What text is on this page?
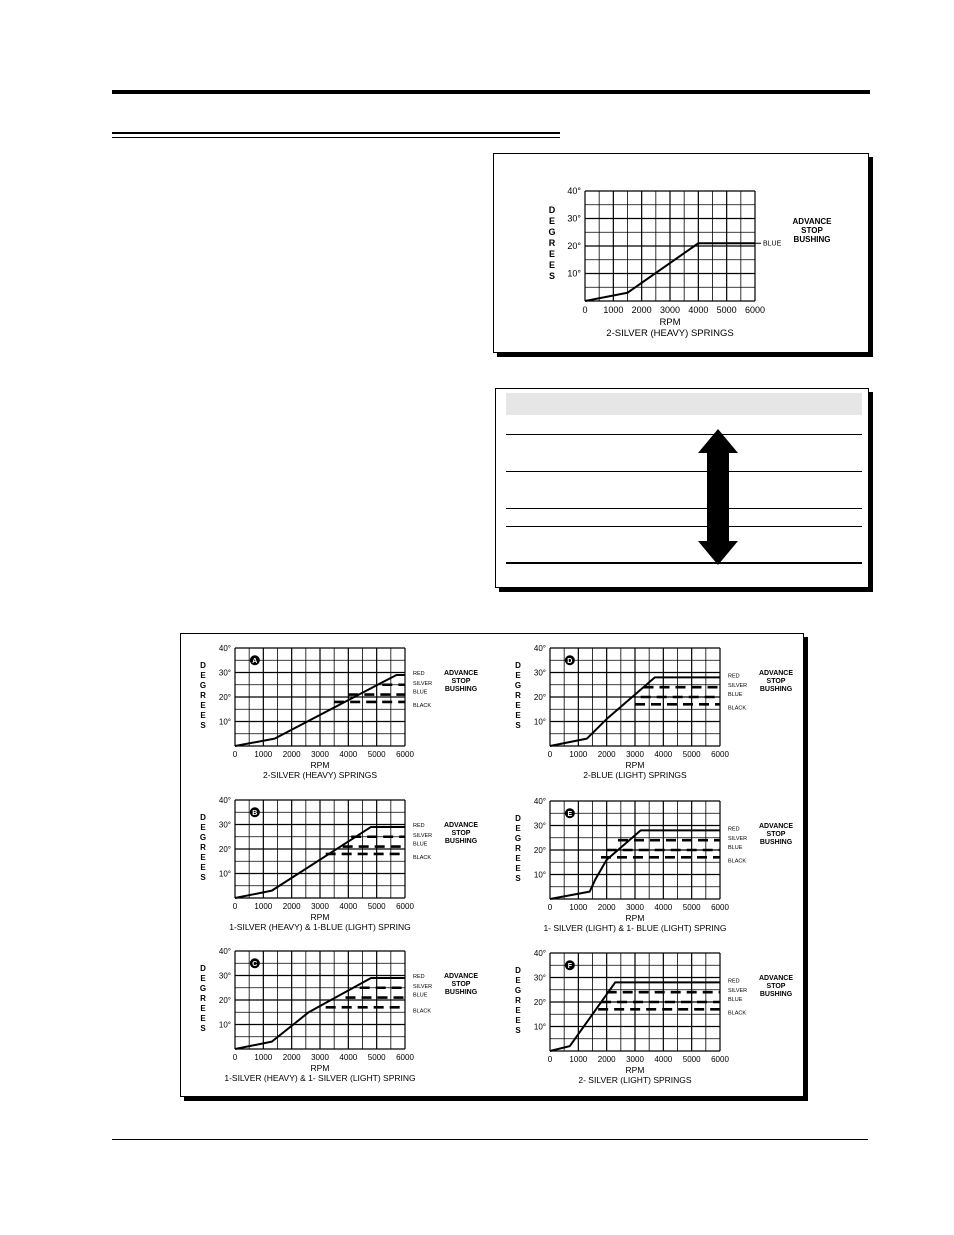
10°
20°
30°
40°
0 1000 2000 3000 4000 5000 6000
D
E
G
R
E
E
S
RPM
2-SILVER (HEAVY) SPRINGS
BLUE
ADVANCE
STOP
BUSHING
10°
20°
30°
40°
0 1000 2000 3000 4000 5000 6000
D
E
G
R
E
E
S
RPM
2-SILVER (HEAVY) SPRINGS
RED
SILVER
BLUE
BLACK
A
ADVANCE
STOP
BUSHING
10°
20°
30°
40°
0 1000 2000 3000 4000 5000 6000
D
E
G
R
E
E
S
RPM
2-BLUE (LIGHT) SPRINGS
RED
SILVER
BLUE
BLACK
D
ADVANCE
STOP
BUSHING
10°
20°
30°
40°
0 1000 2000 3000 4000 5000 6000
D
E
G
R
E
E
S
RPM
1-SILVER (HEAVY) & 1-BLUE (LIGHT) SPRING
RED
SILVER
BLUE
BLACK
B
ADVANCE
STOP
BUSHING
10°
20°
30°
40°
0 1000 2000 3000 4000 5000 6000
D
E
G
R
E
E
S
RPM
1- SILVER (LIGHT) & 1- BLUE (LIGHT) SPRING
RED
SILVER
BLUE
BLACK
E
ADVANCE
STOP
BUSHING
10°
20°
30°
40°
0 1000 2000 3000 4000 5000 6000
D
E
G
R
E
E
S
RPM
1-SILVER (HEAVY) & 1- SILVER (LIGHT) SPRING
RED
SILVER
BLUE
BLACK
C
ADVANCE
STOP
BUSHING
10°
20°
30°
40°
0 1000 2000 3000 4000 5000 6000
D
E
G
R
E
E
S
RPM
2- SILVER (LIGHT) SPRINGS
RED
SILVER
BLUE
BLACK
F
ADVANCE
STOP
BUSHING
